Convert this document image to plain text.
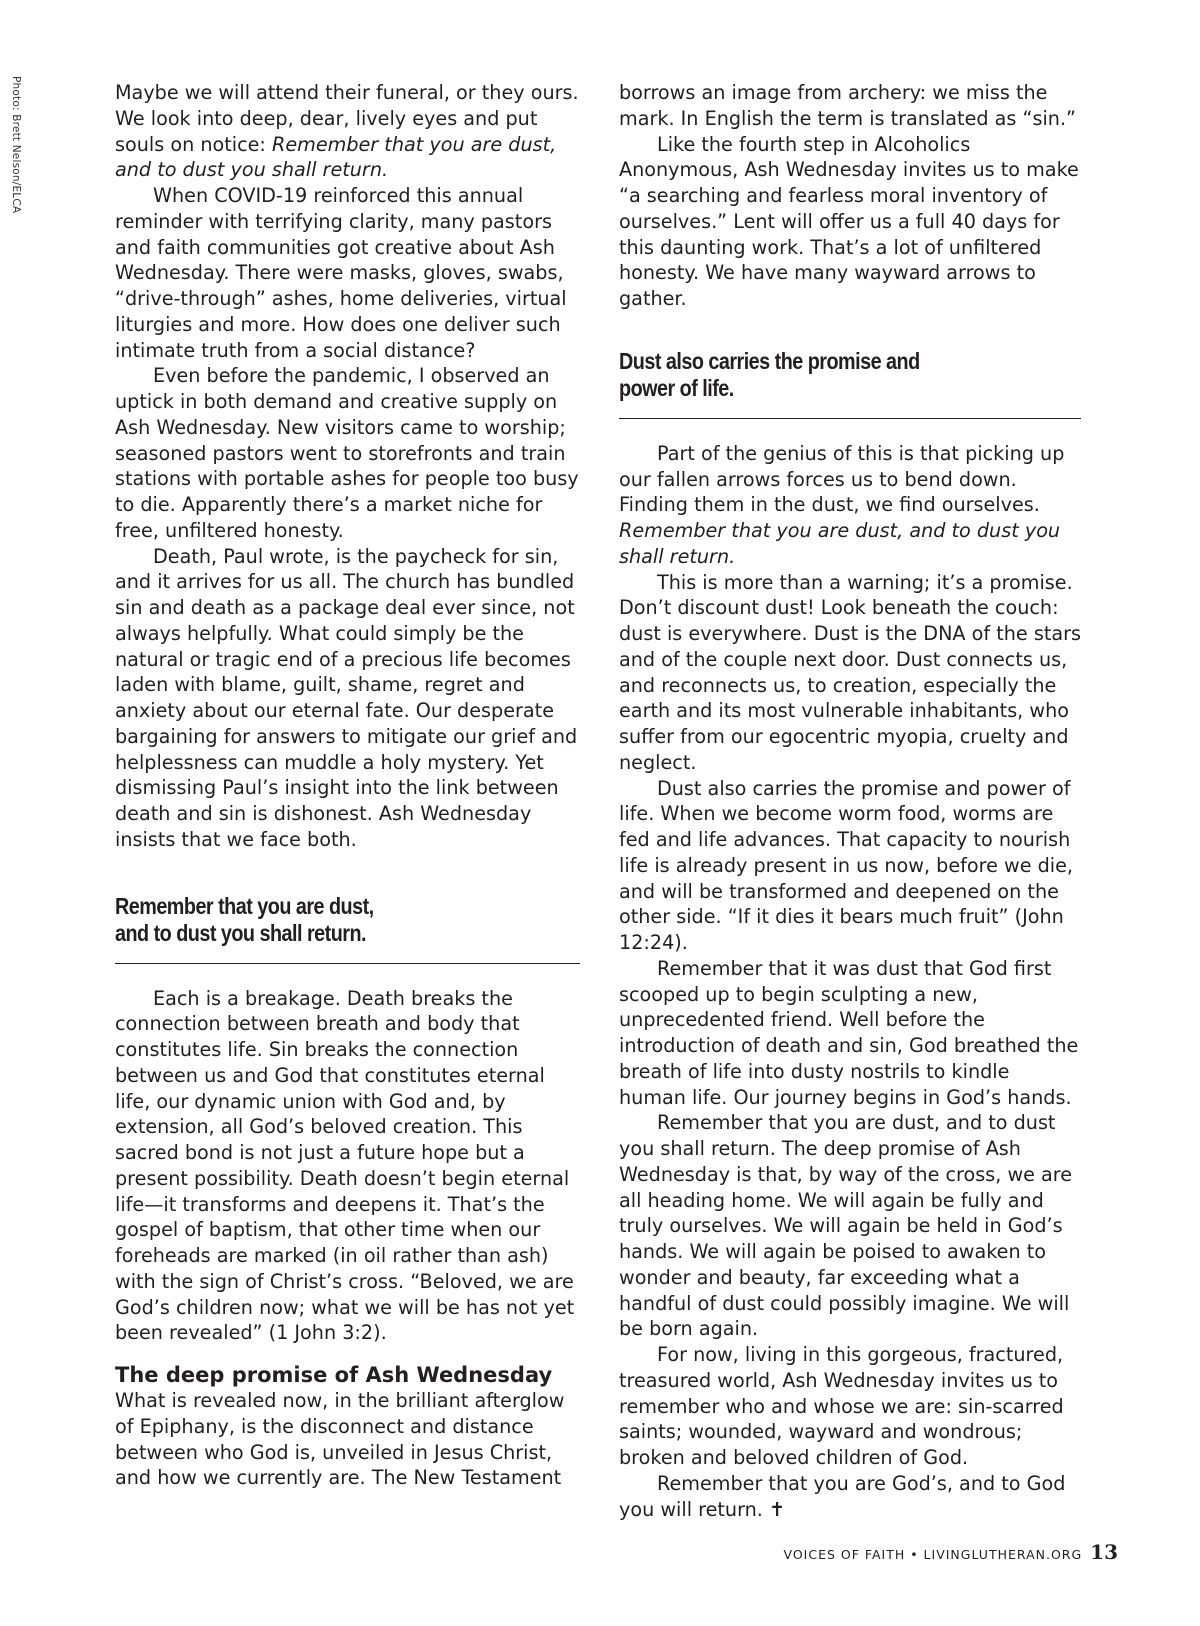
Photo: Brett Nelson/ELCA	Maybe we will attend their funeral, or they ours. We look into deep, dear, lively eyes and put souls on notice: Remember that you are dust, and to dust you shall return.

When COVID-19 reinforced this annual reminder with terrifying clarity, many pastors and faith communities got creative about Ash Wednesday. There were masks, gloves, swabs, “drive-through” ashes, home deliveries, virtual liturgies and more. How does one deliver such intimate truth from a social distance?

Even before the pandemic, I observed an uptick in both demand and creative supply on Ash Wednesday. New visitors came to worship; seasoned pastors went to storefronts and train stations with portable ashes for people too busy to die. Apparently there’s a market niche for free, unfiltered honesty.

Death, Paul wrote, is the paycheck for sin, and it arrives for us all. The church has bundled sin and death as a package deal ever since, not always helpfully. What could simply be the natural or tragic end of a precious life becomes laden with blame, guilt, shame, regret and anxiety about our eternal fate. Our desperate bargaining for answers to mitigate our grief and helplessness can muddle a holy mystery. Yet dismissing Paul’s insight into the link between death and sin is dishonest. Ash Wednesday insists that we face both.

Remember that you are dust,
and to dust you shall return.

Each is a breakage. Death breaks the connection between breath and body that constitutes life. Sin breaks the connection between us and God that constitutes eternal life, our dynamic union with God and, by extension, all God’s beloved creation. This sacred bond is not just a future hope but a present possibility. Death doesn’t begin eternal life—it transforms and deepens it. That’s the gospel of baptism, that other time when our foreheads are marked (in oil rather than ash) with the sign of Christ’s cross. “Beloved, we are God’s children now; what we will be has not yet been revealed” (1 John 3:2).

The deep promise of Ash Wednesday

What is revealed now, in the brilliant afterglow of Epiphany, is the disconnect and distance between who God is, unveiled in Jesus Christ, and how we currently are. The New Testament

borrows an image from archery: we miss the mark. In English the term is translated as “sin.”

Like the fourth step in Alcoholics Anonymous, Ash Wednesday invites us to make “a searching and fearless moral inventory of ourselves.” Lent will offer us a full 40 days for this daunting work. That’s a lot of unfiltered honesty. We have many wayward arrows to gather.

Dust also carries the promise and
power of life.

Part of the genius of this is that picking up our fallen arrows forces us to bend down. Finding them in the dust, we find ourselves. Remember that you are dust, and to dust you shall return.

This is more than a warning; it’s a promise. Don’t discount dust! Look beneath the couch: dust is everywhere. Dust is the DNA of the stars and of the couple next door. Dust connects us, and reconnects us, to creation, especially the earth and its most vulnerable inhabitants, who suffer from our egocentric myopia, cruelty and neglect.

Dust also carries the promise and power of life. When we become worm food, worms are fed and life advances. That capacity to nourish life is already present in us now, before we die, and will be transformed and deepened on the other side. “If it dies it bears much fruit” (John 12:24).

Remember that it was dust that God first scooped up to begin sculpting a new, unprecedented friend. Well before the introduction of death and sin, God breathed the breath of life into dusty nostrils to kindle human life. Our journey begins in God’s hands.

Remember that you are dust, and to dust you shall return. The deep promise of Ash Wednesday is that, by way of the cross, we are all heading home. We will again be fully and truly ourselves. We will again be held in God’s hands. We will again be poised to awaken to wonder and beauty, far exceeding what a handful of dust could possibly imagine. We will be born again.

For now, living in this gorgeous, fractured, treasured world, Ash Wednesday invites us to remember who and whose we are: sin-scarred saints; wounded, wayward and wondrous; broken and beloved children of God.

Remember that you are God’s, and to God you will return. ✝

VOICES OF FAITH • LIVINGLUTHERAN.ORG 13
